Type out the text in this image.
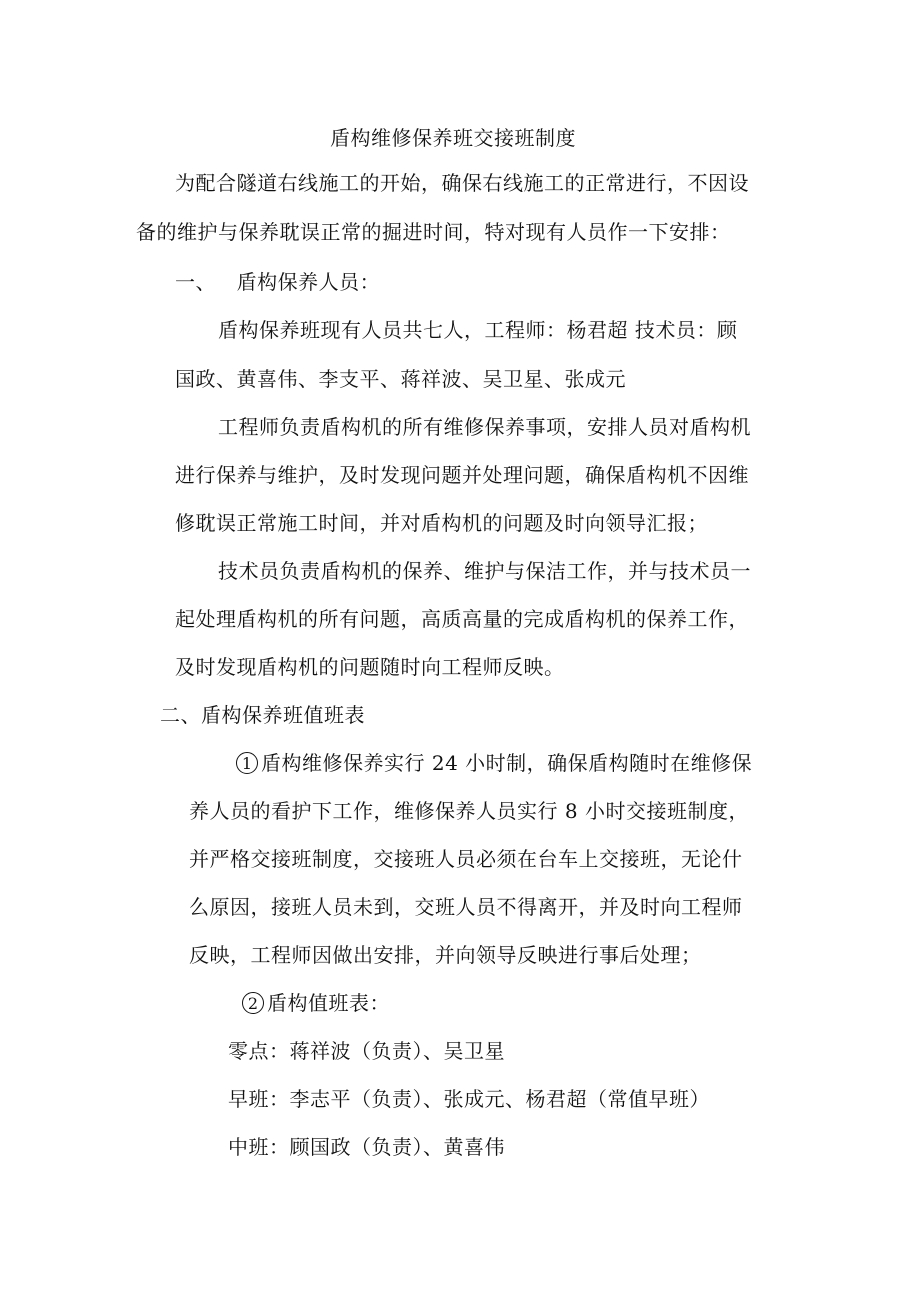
盾构维修保养班交接班制度
为配合隧道右线施工的开始，确保右线施工的正常进行，不因设
备的维护与保养耽误正常的掘进时间，特对现有人员作一下安排：
一、   盾构保养人员：
盾构保养班现有人员共七人，工程师：杨君超 技术员：顾
国政、黄喜伟、李支平、蒋祥波、吴卫星、张成元
工程师负责盾构机的所有维修保养事项，安排人员对盾构机
进行保养与维护，及时发现问题并处理问题，确保盾构机不因维
修耽误正常施工时间，并对盾构机的问题及时向领导汇报；
技术员负责盾构机的保养、维护与保洁工作，并与技术员一
起处理盾构机的所有问题，高质高量的完成盾构机的保养工作，
及时发现盾构机的问题随时向工程师反映。
二、盾构保养班值班表
1 盾构维修保养实行 24 小时制，确保盾构随时在维修保
养人员的看护下工作，维修保养人员实行 8 小时交接班制度，
并严格交接班制度，交接班人员必须在台车上交接班，无论什
么原因，接班人员未到，交班人员不得离开，并及时向工程师
反映，工程师因做出安排，并向领导反映进行事后处理；
2 盾构值班表：
零点：蒋祥波（负责）、吴卫星
早班：李志平（负责）、张成元、杨君超（常值早班）
中班：顾国政（负责）、黄喜伟
